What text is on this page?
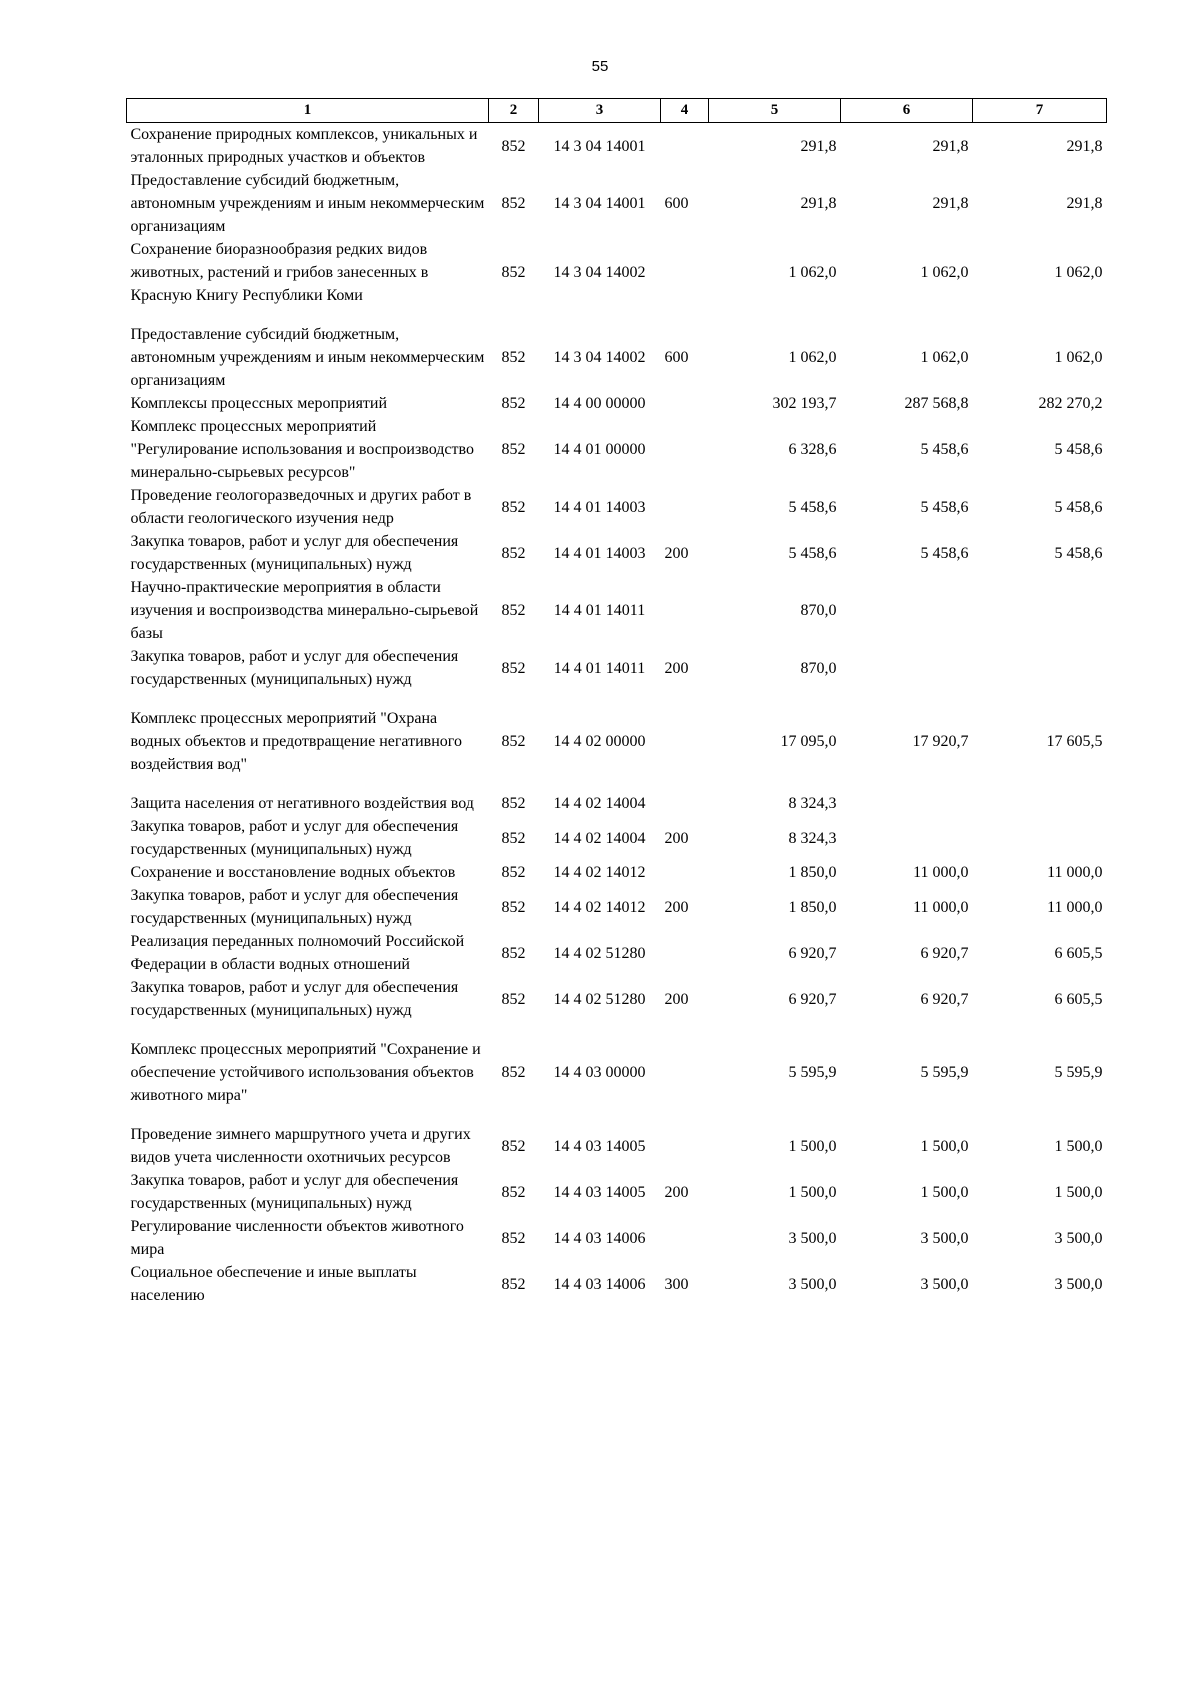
55
1	2	3	4	5	6	7
Сохранение природных комплексов, уникальных и эталонных природных участков и объектов	852	14 3 04 14001		291,8	291,8	291,8
Предоставление субсидий бюджетным, автономным учреждениям и иным некоммерческим организациям	852	14 3 04 14001	600	291,8	291,8	291,8
Сохранение биоразнообразия редких видов животных, растений и грибов занесенных в Красную Книгу Республики Коми	852	14 3 04 14002		1 062,0	1 062,0	1 062,0
Предоставление субсидий бюджетным, автономным учреждениям и иным некоммерческим организациям	852	14 3 04 14002	600	1 062,0	1 062,0	1 062,0
Комплексы процессных мероприятий	852	14 4 00 00000		302 193,7	287 568,8	282 270,2
Комплекс процессных мероприятий "Регулирование использования и воспроизводство минерально-сырьевых ресурсов"	852	14 4 01 00000		6 328,6	5 458,6	5 458,6
Проведение геологоразведочных и других работ в области геологического изучения недр	852	14 4 01 14003		5 458,6	5 458,6	5 458,6
Закупка товаров, работ и услуг для обеспечения государственных (муниципальных) нужд	852	14 4 01 14003	200	5 458,6	5 458,6	5 458,6
Научно-практические мероприятия в области изучения и воспроизводства минерально-сырьевой базы	852	14 4 01 14011		870,0		
Закупка товаров, работ и услуг для обеспечения государственных (муниципальных) нужд	852	14 4 01 14011	200	870,0		
Комплекс процессных мероприятий "Охрана водных объектов и предотвращение негативного воздействия вод"	852	14 4 02 00000		17 095,0	17 920,7	17 605,5
Защита населения от негативного воздействия вод	852	14 4 02 14004		8 324,3		
Закупка товаров, работ и услуг для обеспечения государственных (муниципальных) нужд	852	14 4 02 14004	200	8 324,3		
Сохранение и восстановление водных объектов	852	14 4 02 14012		1 850,0	11 000,0	11 000,0
Закупка товаров, работ и услуг для обеспечения государственных (муниципальных) нужд	852	14 4 02 14012	200	1 850,0	11 000,0	11 000,0
Реализация переданных полномочий Российской Федерации в области водных отношений	852	14 4 02 51280		6 920,7	6 920,7	6 605,5
Закупка товаров, работ и услуг для обеспечения государственных (муниципальных) нужд	852	14 4 02 51280	200	6 920,7	6 920,7	6 605,5
Комплекс процессных мероприятий "Сохранение и обеспечение устойчивого использования объектов животного мира"	852	14 4 03 00000		5 595,9	5 595,9	5 595,9
Проведение зимнего маршрутного учета и других видов учета численности охотничьих ресурсов	852	14 4 03 14005		1 500,0	1 500,0	1 500,0
Закупка товаров, работ и услуг для обеспечения государственных (муниципальных) нужд	852	14 4 03 14005	200	1 500,0	1 500,0	1 500,0
Регулирование численности объектов животного мира	852	14 4 03 14006		3 500,0	3 500,0	3 500,0
Социальное обеспечение и иные выплаты населению	852	14 4 03 14006	300	3 500,0	3 500,0	3 500,0
